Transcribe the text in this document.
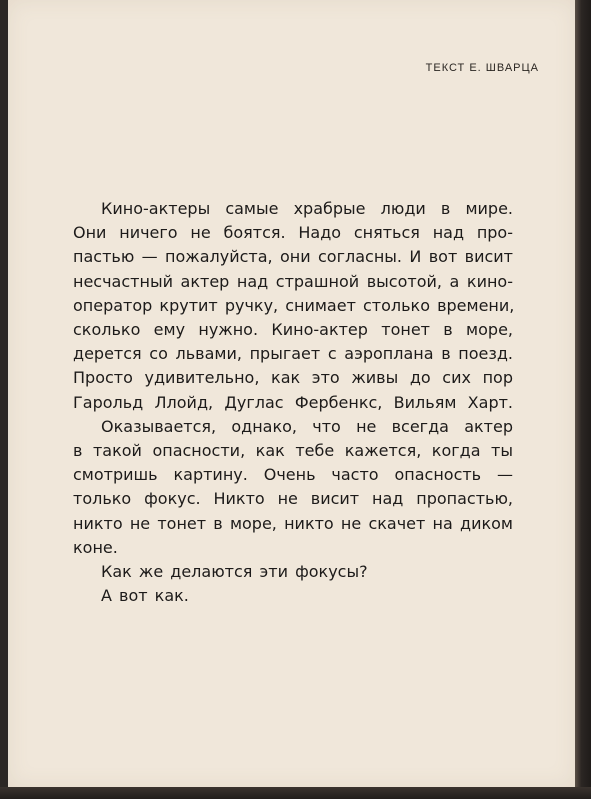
ТЕКСТ Е. ШВАРЦА
Кино-актеры самые храбрые люди в мире.
Они ничего не боятся. Надо сняться над про-
пастью — пожалуйста, они согласны. И вот висит
несчастный актер над страшной высотой, а кино-
оператор крутит ручку, снимает столько времени,
сколько ему нужно. Кино-актер тонет в море,
дерется со львами, прыгает с аэроплана в поезд.
Просто удивительно, как это живы до сих пор
Гарольд Ллойд, Дуглас Фербенкс, Вильям Харт.
Оказывается, однако, что не всегда актер
в такой опасности, как тебе кажется, когда ты
смотришь картину. Очень часто опасность —
только фокус. Никто не висит над пропастью,
никто не тонет в море, никто не скачет на диком
коне.
Как же делаются эти фокусы?
А вот как.
